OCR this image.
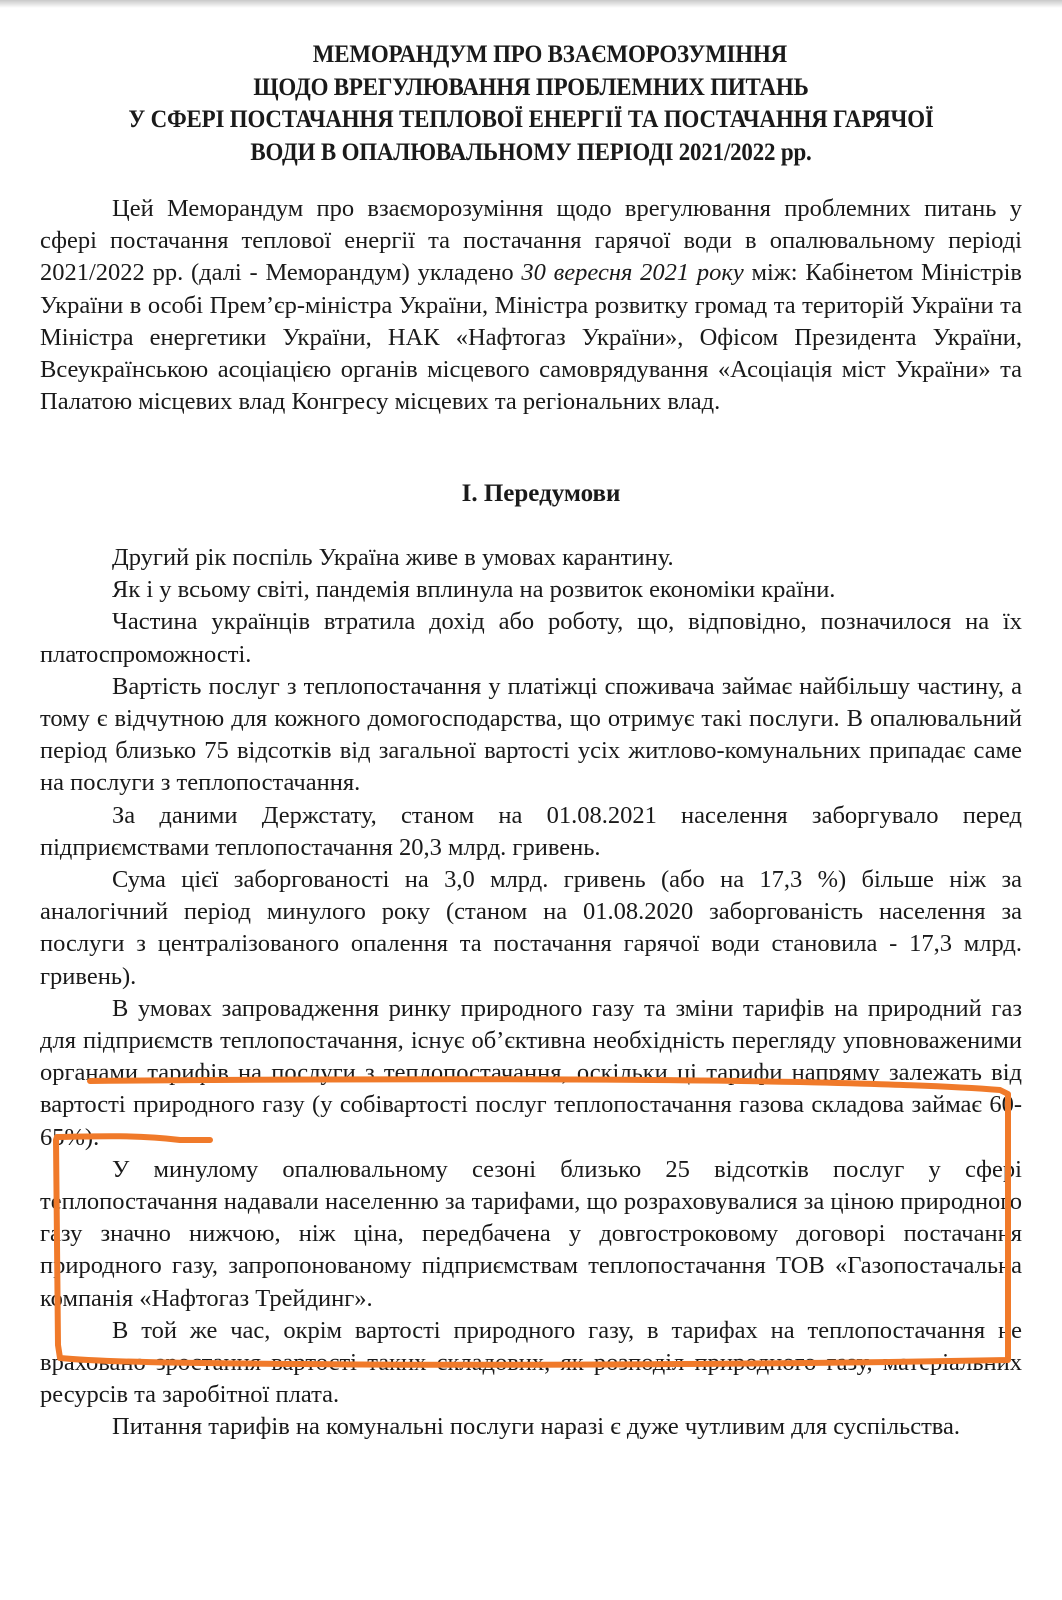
МЕМОРАНДУМ ПРО ВЗАЄМОРОЗУМІННЯ
ЩОДО ВРЕГУЛЮВАННЯ ПРОБЛЕМНИХ ПИТАНЬ
У СФЕРІ ПОСТАЧАННЯ ТЕПЛОВОЇ ЕНЕРГІЇ ТА ПОСТАЧАННЯ ГАРЯЧОЇ
ВОДИ В ОПАЛЮВАЛЬНОМУ ПЕРІОДІ 2021/2022 рр.

Цей Меморандум про взаєморозуміння щодо врегулювання проблемних питань у сфері постачання теплової енергії та постачання гарячої води в опалювальному періоді 2021/2022 рр. (далі - Меморандум) укладено 30 вересня 2021 року між: Кабінетом Міністрів України в особі Прем’єр-міністра України, Міністра розвитку громад та територій України та Міністра енергетики України, НАК «Нафтогаз України», Офісом Президента України, Всеукраїнською асоціацією органів місцевого самоврядування «Асоціація міст України» та Палатою місцевих влад Конгресу місцевих та регіональних влад.

I. Передумови

Другий рік поспіль Україна живе в умовах карантину.

Як і у всьому світі, пандемія вплинула на розвиток економіки країни.

Частина українців втратила дохід або роботу, що, відповідно, позначилося на їх платоспроможності.

Вартість послуг з теплопостачання у платіжці споживача займає найбільшу частину, а тому є відчутною для кожного домогосподарства, що отримує такі послуги. В опалювальний період близько 75 відсотків від загальної вартості усіх житлово-комунальних припадає саме на послуги з теплопостачання.

За даними Держстату, станом на 01.08.2021 населення заборгувало перед підприємствами теплопостачання 20,3 млрд. гривень.

Сума цієї заборгованості на 3,0 млрд. гривень (або на 17,3 %) більше ніж за аналогічний період минулого року (станом на 01.08.2020 заборгованість населення за послуги з централізованого опалення та постачання гарячої води становила - 17,3 млрд. гривень).

В умовах запровадження ринку природного газу та зміни тарифів на природний газ для підприємств теплопостачання, існує об’єктивна необхідність перегляду уповноваженими органами тарифів на послуги з теплопостачання, оскільки ці тарифи напряму залежать від вартості природного газу (у собівартості послуг теплопостачання газова складова займає 60-65%).

У минулому опалювальному сезоні близько 25 відсотків послуг у сфері теплопостачання надавали населенню за тарифами, що розраховувалися за ціною природного газу значно нижчою, ніж ціна, передбачена у довгостроковому договорі постачання природного газу, запропонованому підприємствам теплопостачання ТОВ «Газопостачальна компанія «Нафтогаз Трейдинг».

В той же час, окрім вартості природного газу, в тарифах на теплопостачання не враховано зростання вартості таких складових, як розподіл природного газу, матеріальних ресурсів та заробітної плата.

Питання тарифів на комунальні послуги наразі є дуже чутливим для суспільства.
